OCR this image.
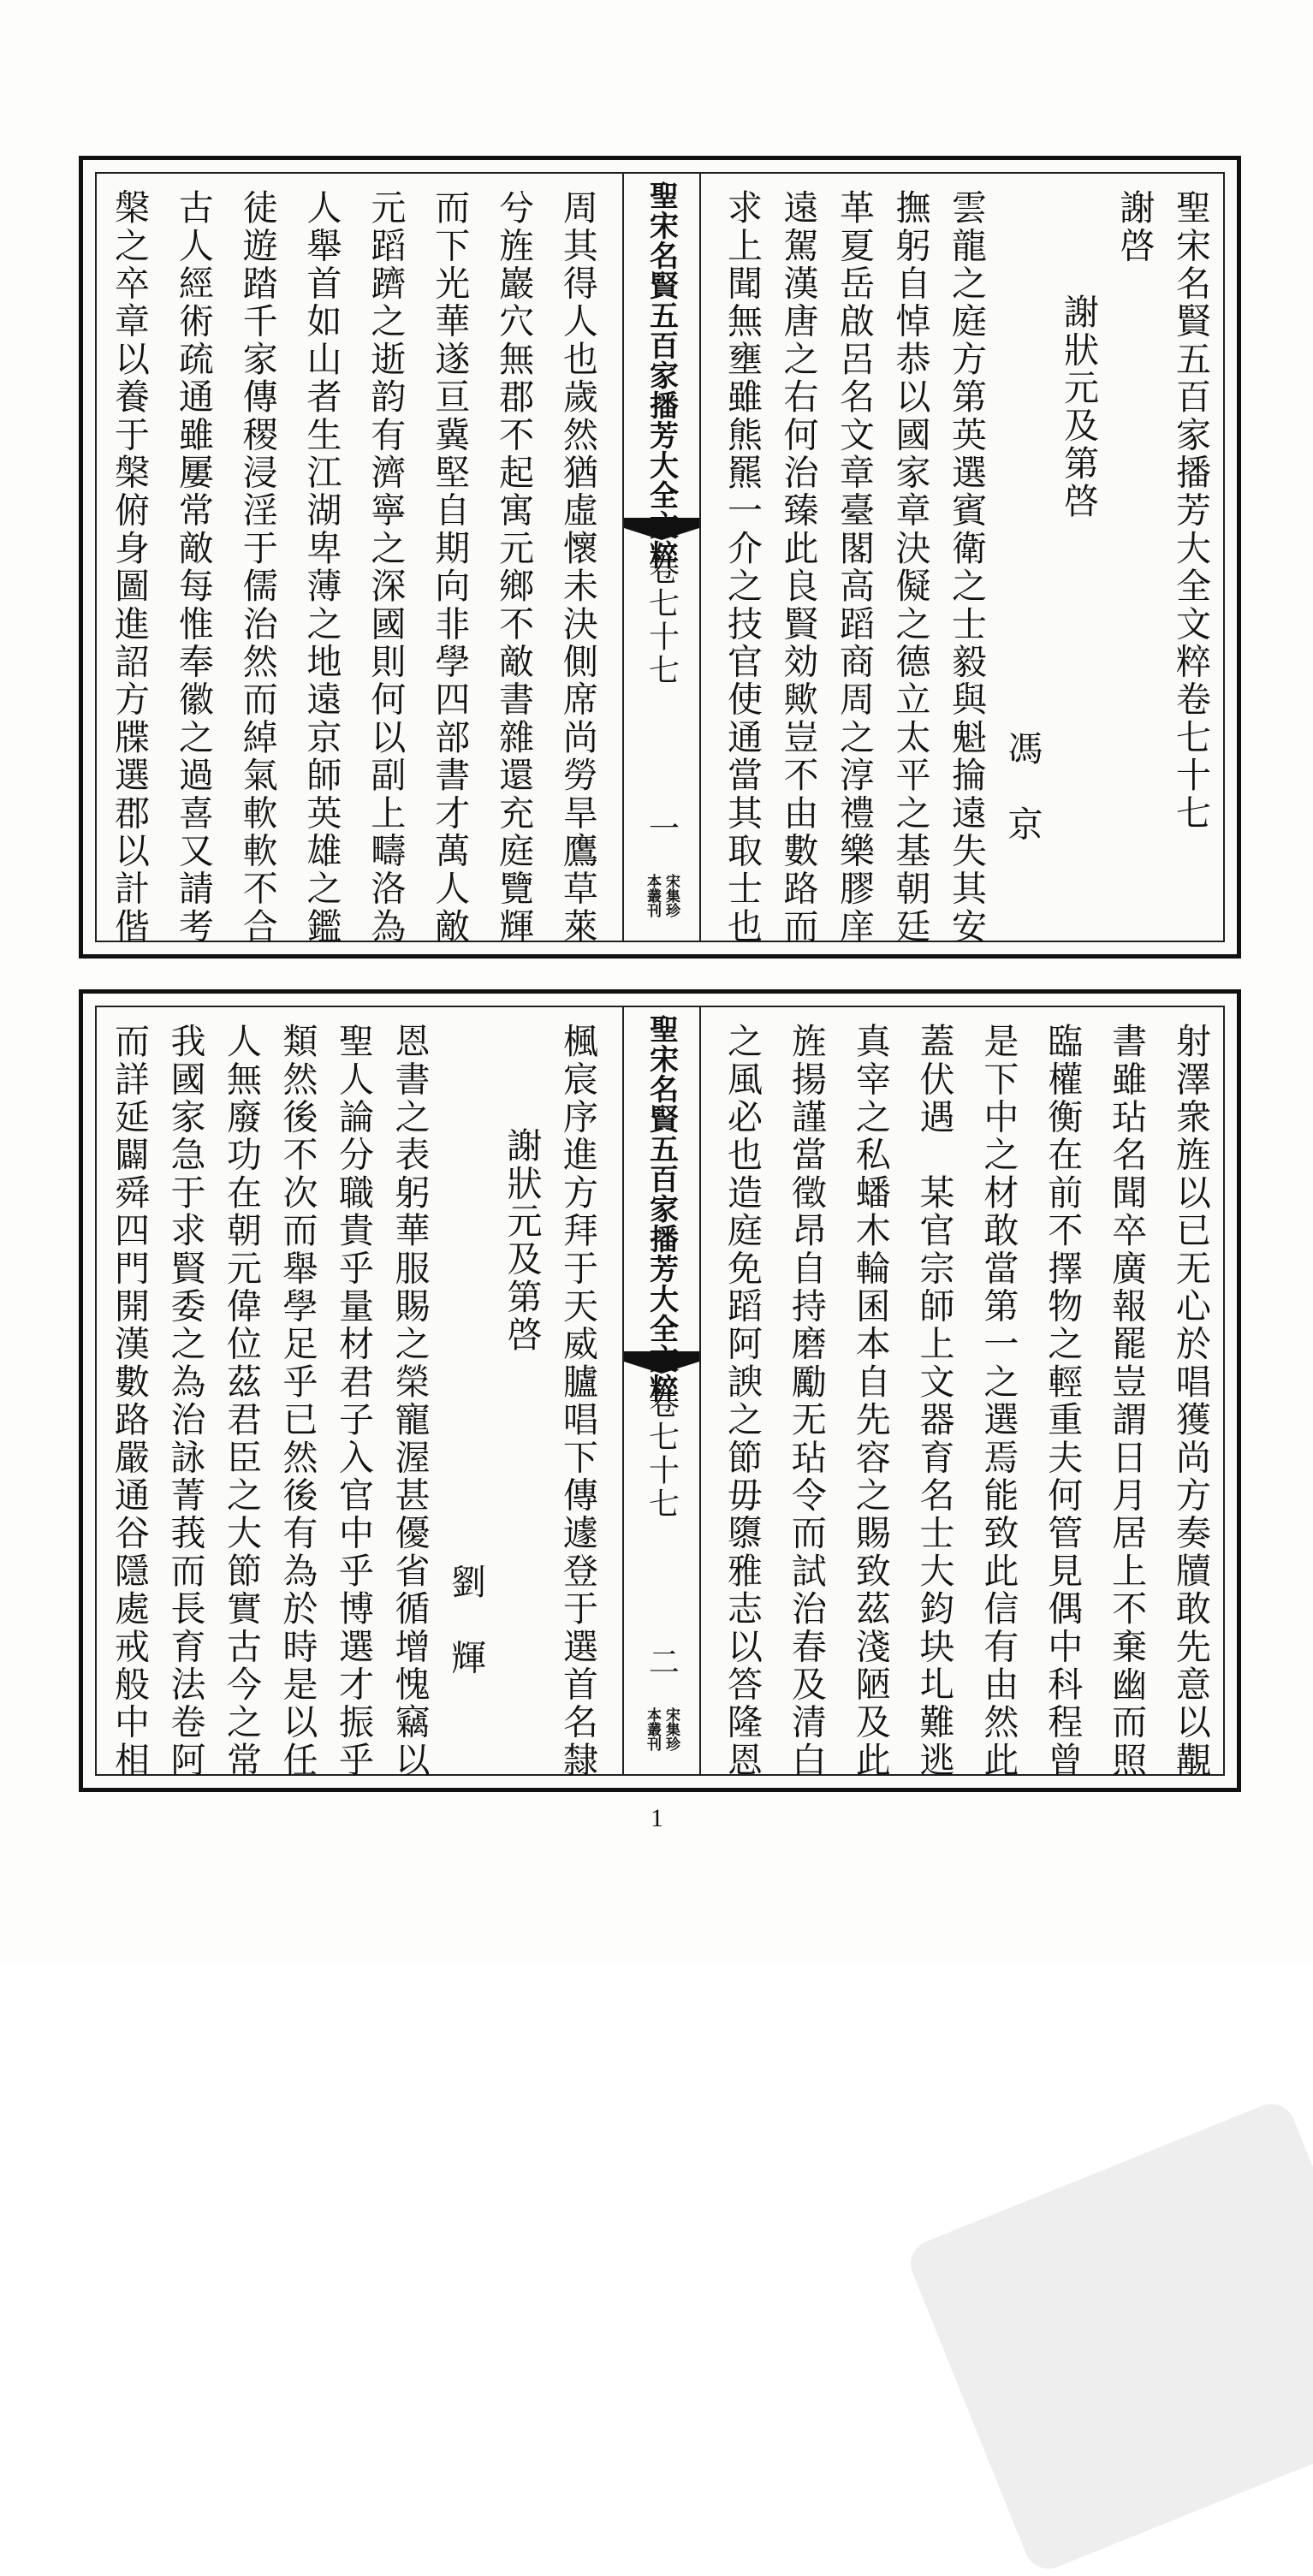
聖宋名賢五百家播芳大全文粹卷七十七
謝啓
謝狀元及第啓
馮　京
雲龍之庭方第英選賓衛之士毅與魁掄遠失其安
撫躬自悼恭以國家章決儗之德立太平之基朝廷
革夏岳啟呂名文章臺閣高蹈商周之淳禮樂膠庠
遠駕漢唐之右何治臻此良賢効歟豈不由數路而
求上聞無壅雖熊羆一介之技官使通當其取士也
聖宋名賢五百家播芳大全文粹
卷七十七
一
宋集珍
本叢刊
周其得人也歲然猶虛懷未決側席尚勞旱鷹草萊
兮旌巖穴無郡不起寓元鄉不敵書雜還充庭覽輝
而下光華遂亘冀堅自期向非學四部書才萬人敵
元蹈躋之逝韵有濟寧之深國則何以副上疇洛為
人舉首如山者生江湖卑薄之地遠京師英雄之鑑
徒遊踏千家傳稷浸淫于儒治然而綽氣軟軟不合
古人經術疏通雖屢常敵每惟奉徽之過喜又請考
槃之卒章以養于槃俯身圖進詔方牒選郡以計偕
射澤衆旌以已无心於唱獲尚方奏牘敢先意以覯
書雖玷名聞卒廣報罷豈謂日月居上不棄幽而照
臨權衡在前不擇物之輕重夫何管見偶中科程曾
是下中之材敢當第一之選焉能致此信有由然此
蓋伏遇　某官宗師上文器育名士大鈞块圠難逃
真宰之私蟠木輪囷本自先容之賜致茲淺陋及此
旌揚謹當徵昂自持磨勵无玷令而試治春及清白
之風必也造庭免蹈阿諛之節毋隳雅志以答隆恩
聖宋名賢五百家播芳大全文粹
卷七十七
二
宋集珍
本叢刊
楓宸序進方拜于天威臚唱下傳遽登于選首名隸
謝狀元及第啓
劉　輝
恩書之表躬華服賜之榮寵渥甚優省循增愧竊以
聖人論分職貴乎量材君子入官中乎博選才振乎
類然後不次而舉學足乎已然後有為於時是以任
人無廢功在朝元偉位茲君臣之大節實古今之常
我國家急于求賢委之為治詠菁莪而長育法卷阿
而詳延闢舜四門開漢數路嚴通谷隱處戒般中相
1
